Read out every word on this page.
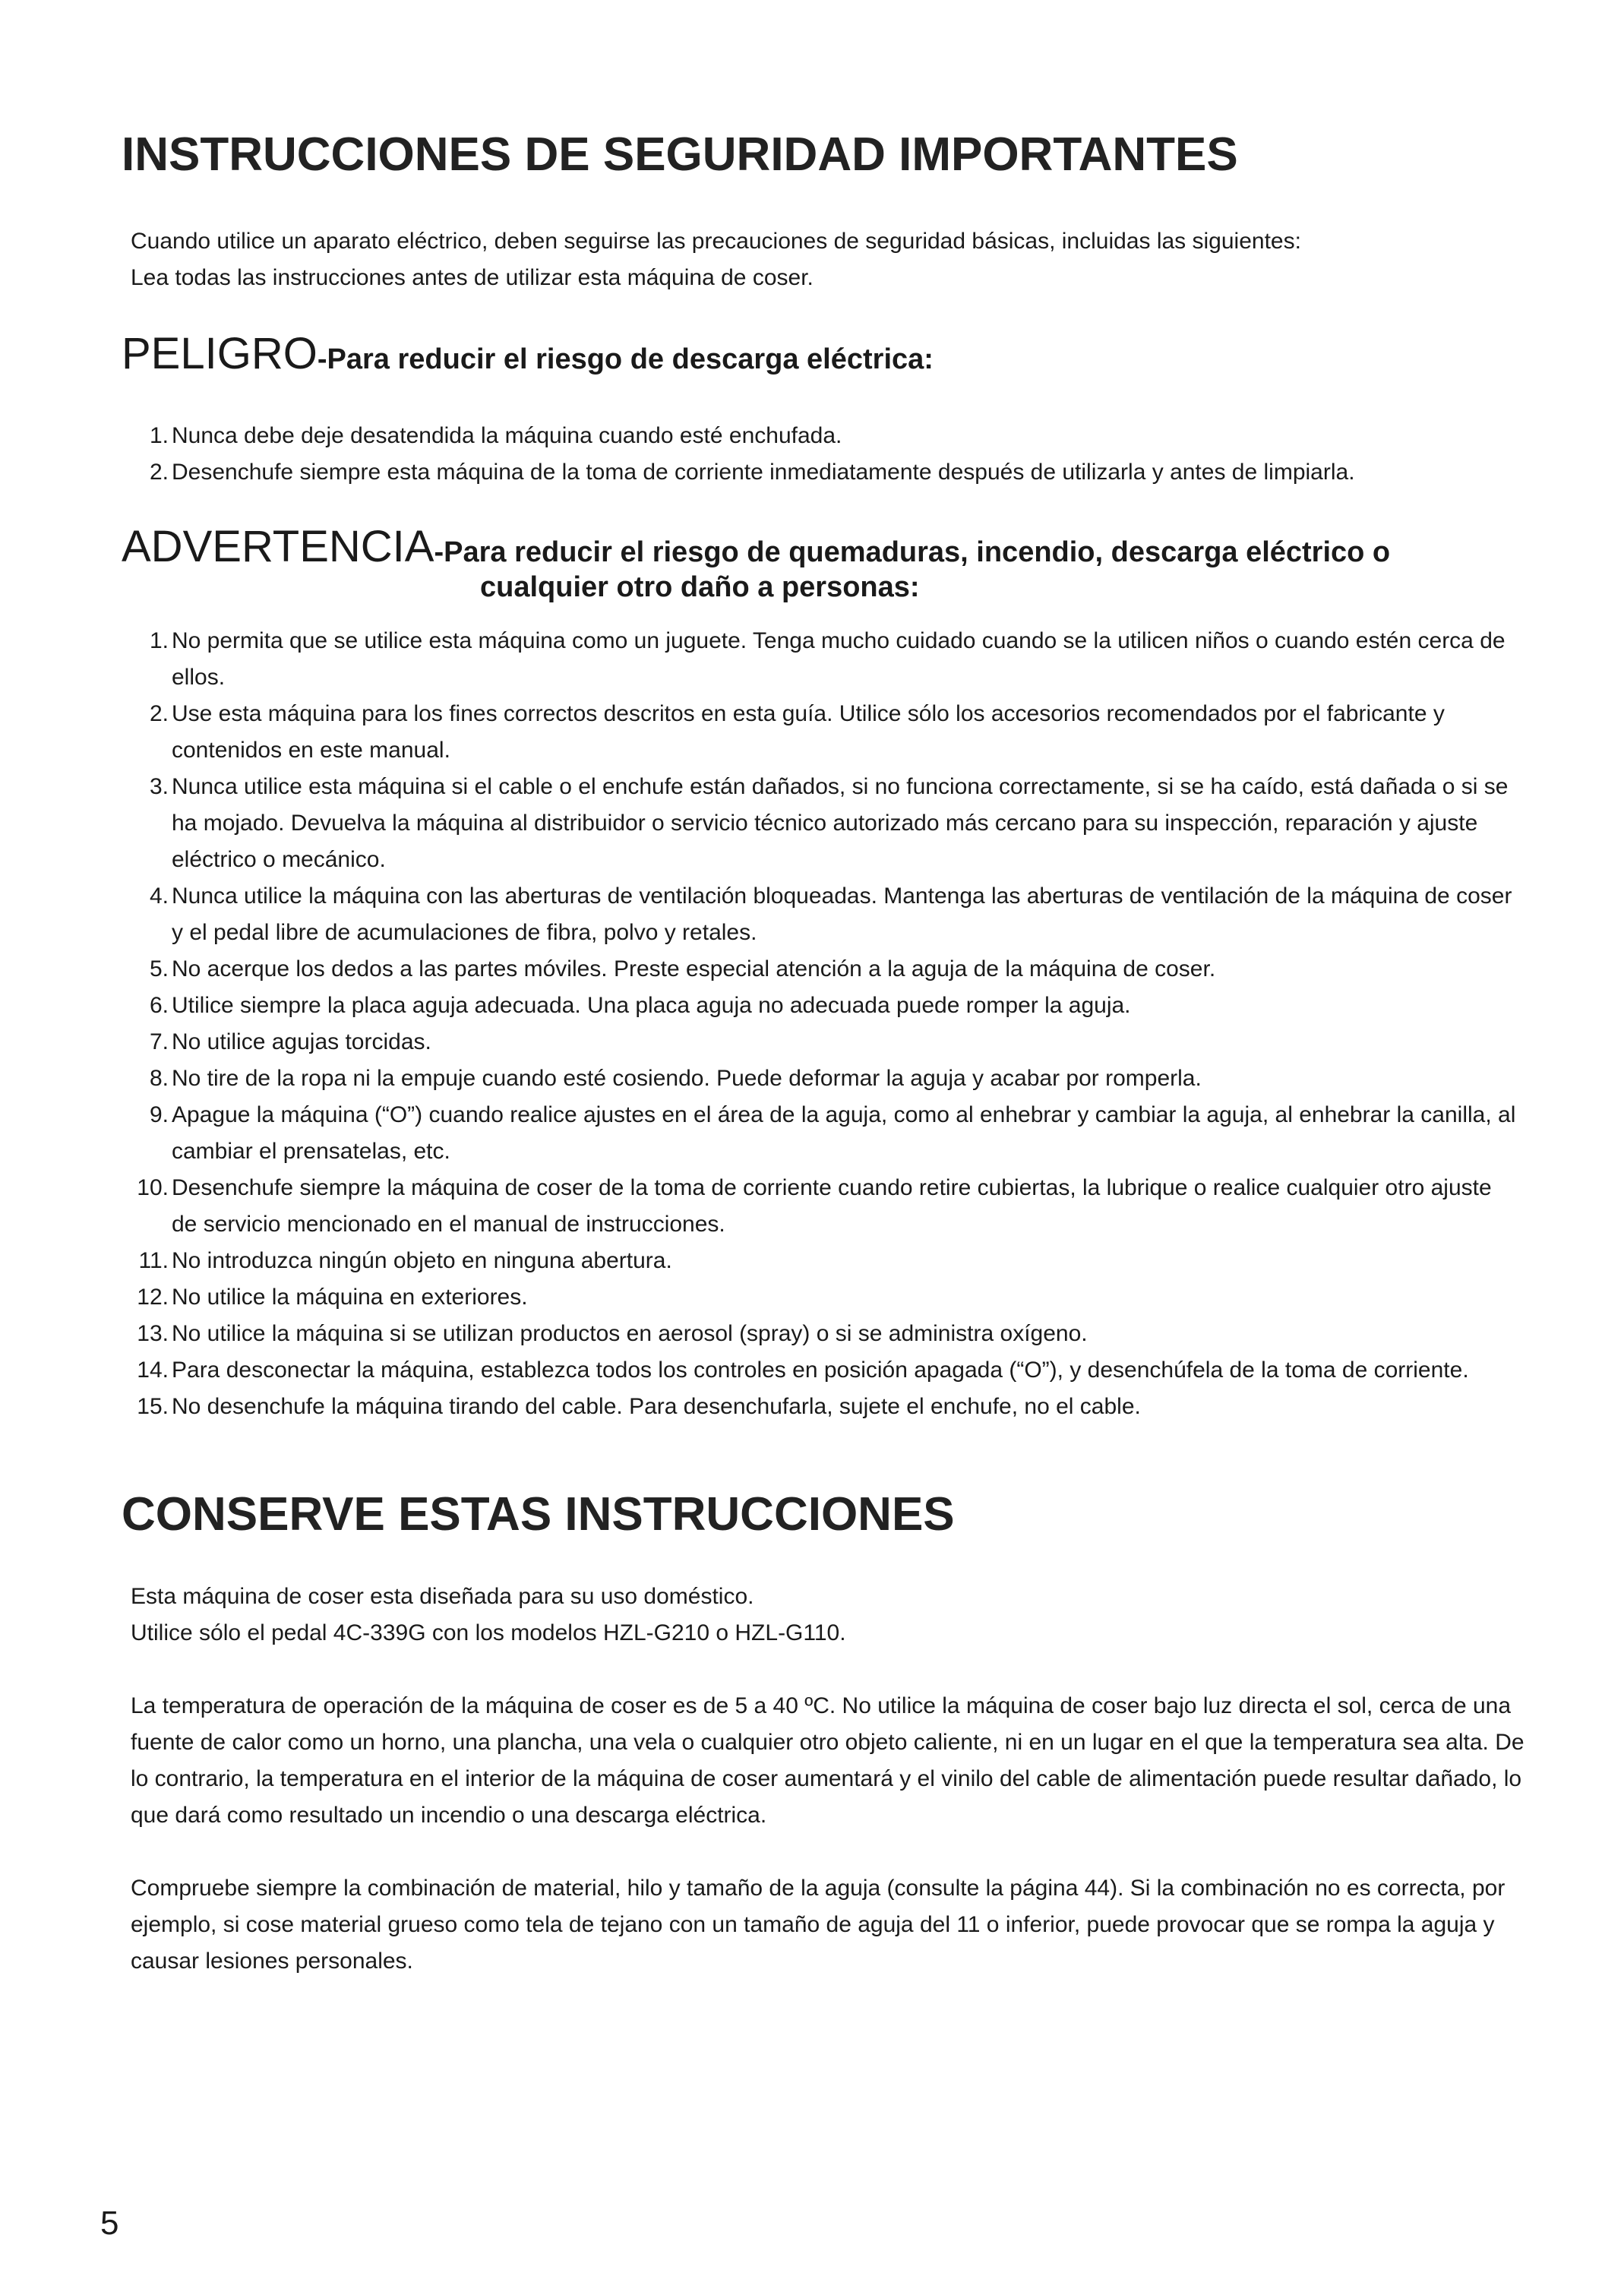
INSTRUCCIONES DE SEGURIDAD IMPORTANTES
Cuando utilice un aparato eléctrico, deben seguirse las precauciones de seguridad básicas, incluidas las siguientes:
Lea todas las instrucciones antes de utilizar esta máquina de coser.
PELIGRO-Para reducir el riesgo de descarga eléctrica:
1. Nunca debe deje desatendida la máquina cuando esté enchufada.
2. Desenchufe siempre esta máquina de la toma de corriente inmediatamente después de utilizarla y antes de limpiarla.
ADVERTENCIA-Para reducir el riesgo de quemaduras, incendio, descarga eléctrico o
cualquier otro daño a personas:
1. No permita que se utilice esta máquina como un juguete. Tenga mucho cuidado cuando se la utilicen niños o cuando estén cerca de ellos.
2. Use esta máquina para los fines correctos descritos en esta guía. Utilice sólo los accesorios recomendados por el fabricante y contenidos en este manual.
3. Nunca utilice esta máquina si el cable o el enchufe están dañados, si no funciona correctamente, si se ha caído, está dañada o si se ha mojado. Devuelva la máquina al distribuidor o servicio técnico autorizado más cercano para su inspección, reparación y ajuste eléctrico o mecánico.
4. Nunca utilice la máquina con las aberturas de ventilación bloqueadas. Mantenga las aberturas de ventilación de la máquina de coser y el pedal libre de acumulaciones de fibra, polvo y retales.
5. No acerque los dedos a las partes móviles. Preste especial atención a la aguja de la máquina de coser.
6. Utilice siempre la placa aguja adecuada. Una placa aguja no adecuada puede romper la aguja.
7. No utilice agujas torcidas.
8. No tire de la ropa ni la empuje cuando esté cosiendo. Puede deformar la aguja y acabar por romperla.
9. Apague la máquina (“O”) cuando realice ajustes en el área de la aguja, como al enhebrar y cambiar la aguja, al enhebrar la canilla, al cambiar el prensatelas, etc.
10. Desenchufe siempre la máquina de coser de la toma de corriente cuando retire cubiertas, la lubrique o realice cualquier otro ajuste de servicio mencionado en el manual de instrucciones.
11. No introduzca ningún objeto en ninguna abertura.
12. No utilice la máquina en exteriores.
13. No utilice la máquina si se utilizan productos en aerosol (spray) o si se administra oxígeno.
14. Para desconectar la máquina, establezca todos los controles en posición apagada (“O”), y desenchúfela de la toma de corriente.
15. No desenchufe la máquina tirando del cable. Para desenchufarla, sujete el enchufe, no el cable.
CONSERVE ESTAS INSTRUCCIONES
Esta máquina de coser esta diseñada para su uso doméstico.
Utilice sólo el pedal 4C-339G con los modelos HZL-G210 o HZL-G110.

La temperatura de operación de la máquina de coser es de 5 a 40 ºC. No utilice la máquina de coser bajo luz directa el sol, cerca de una fuente de calor como un horno, una plancha, una vela o cualquier otro objeto caliente, ni en un lugar en el que la temperatura sea alta. De lo contrario, la temperatura en el interior de la máquina de coser aumentará y el vinilo del cable de alimentación puede resultar dañado, lo que dará como resultado un incendio o una descarga eléctrica.

Compruebe siempre la combinación de material, hilo y tamaño de la aguja (consulte la página 44). Si la combinación no es correcta, por ejemplo, si cose material grueso como tela de tejano con un tamaño de aguja del 11 o inferior, puede provocar que se rompa la aguja y causar lesiones personales.

5
